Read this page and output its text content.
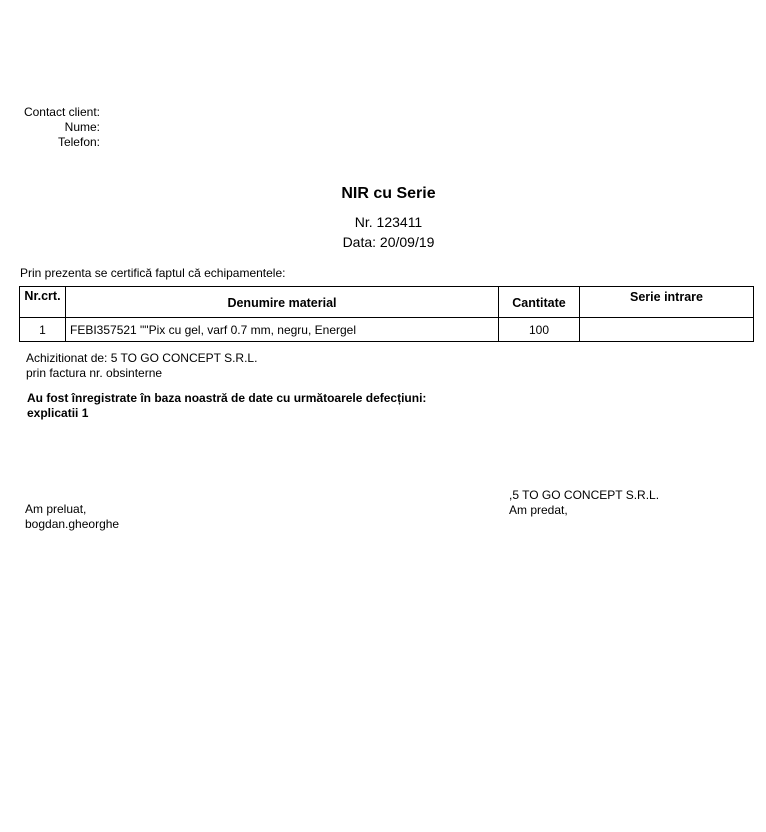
Contact client:
Nume:
Telefon:
NIR cu Serie
Nr. 123411
Data: 20/09/19
Prin prezenta se certifică faptul că echipamentele:
Nr.crt.	Denumire material	Cantitate	Serie intrare
1	FEBI357521 ""Pix cu gel, varf 0.7 mm, negru, Energel	100	
Achizitionat de: 5 TO GO CONCEPT S.R.L.
prin factura nr. obsinterne
Au fost înregistrate în baza noastră de date cu următoarele defecțiuni:
explicatii 1
Am preluat,
bogdan.gheorghe
,5 TO GO CONCEPT S.R.L.
Am predat,
